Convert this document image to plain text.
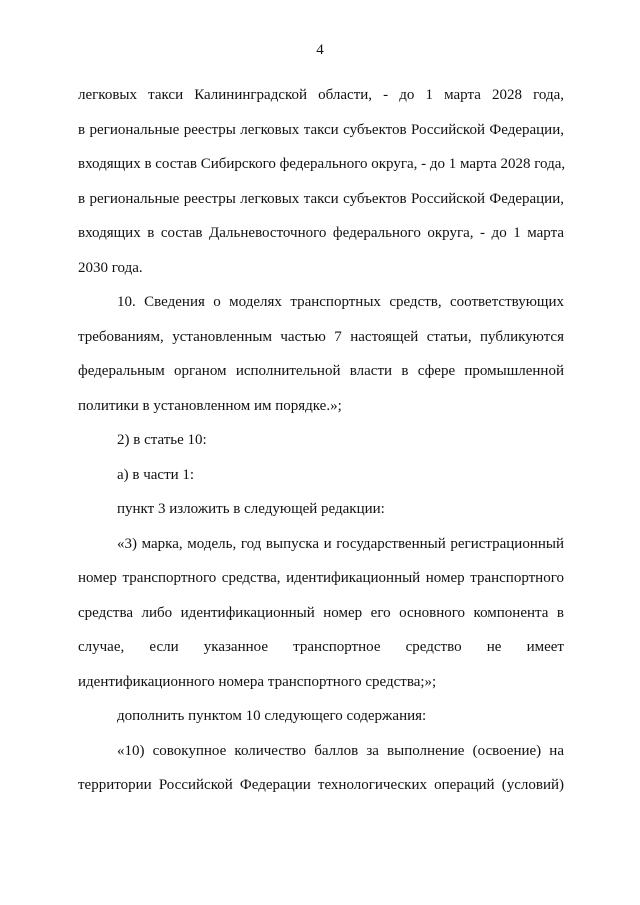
4
легковых такси Калининградской области, - до 1 марта 2028 года,
в региональные реестры легковых такси субъектов Российской Федерации,
входящих в состав Сибирского федерального округа, - до 1 марта 2028 года,
в региональные реестры легковых такси субъектов Российской Федерации,
входящих в состав Дальневосточного федерального округа, - до 1 марта
2030 года.
10. Сведения о моделях транспортных средств, соответствующих
требованиям, установленным частью 7 настоящей статьи, публикуются
федеральным органом исполнительной власти в сфере промышленной
политики в установленном им порядке.»;
2) в статье 10:
а) в части 1:
пункт 3 изложить в следующей редакции:
«3) марка, модель, год выпуска и государственный регистрационный
номер транспортного средства, идентификационный номер транспортного
средства либо идентификационный номер его основного компонента в
случае, если указанное транспортное средство не имеет
идентификационного номера транспортного средства;»;
дополнить пунктом 10 следующего содержания:
«10) совокупное количество баллов за выполнение (освоение) на
территории Российской Федерации технологических операций (условий)
